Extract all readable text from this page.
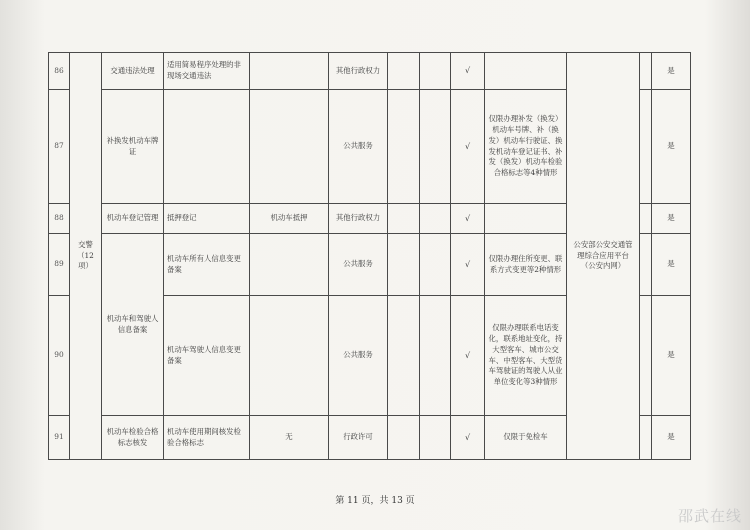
86	交警（12项）	交通违法处理	适用简易程序处理的非现场交通违法		其他行政权力			√		公安部公安交通管理综合应用平台（公安内网）		是
87		补换发机动车牌证			公共服务			√	仅限办理补发（换发）机动车号牌、补（换发）机动车行驶证、换发机动车登记证书、补发（换发）机动车检验合格标志等4种情形			是
88		机动车登记管理	抵押登记	机动车抵押	其他行政权力			√				是
89		机动车和驾驶人信息备案	机动车所有人信息变更备案		公共服务			√	仅限办理住所变更、联系方式变更等2种情形			是
90			机动车驾驶人信息变更备案		公共服务			√	仅限办理联系电话变化，联系地址变化，持大型客车、城市公交车、中型客车、大型货车驾驶证的驾驶人从业单位变化等3种情形			是
91		机动车检验合格标志核发	机动车使用期间核发检验合格标志	无	行政许可			√	仅限于免检车			是
第 11 页，共 13 页
邵武在线
